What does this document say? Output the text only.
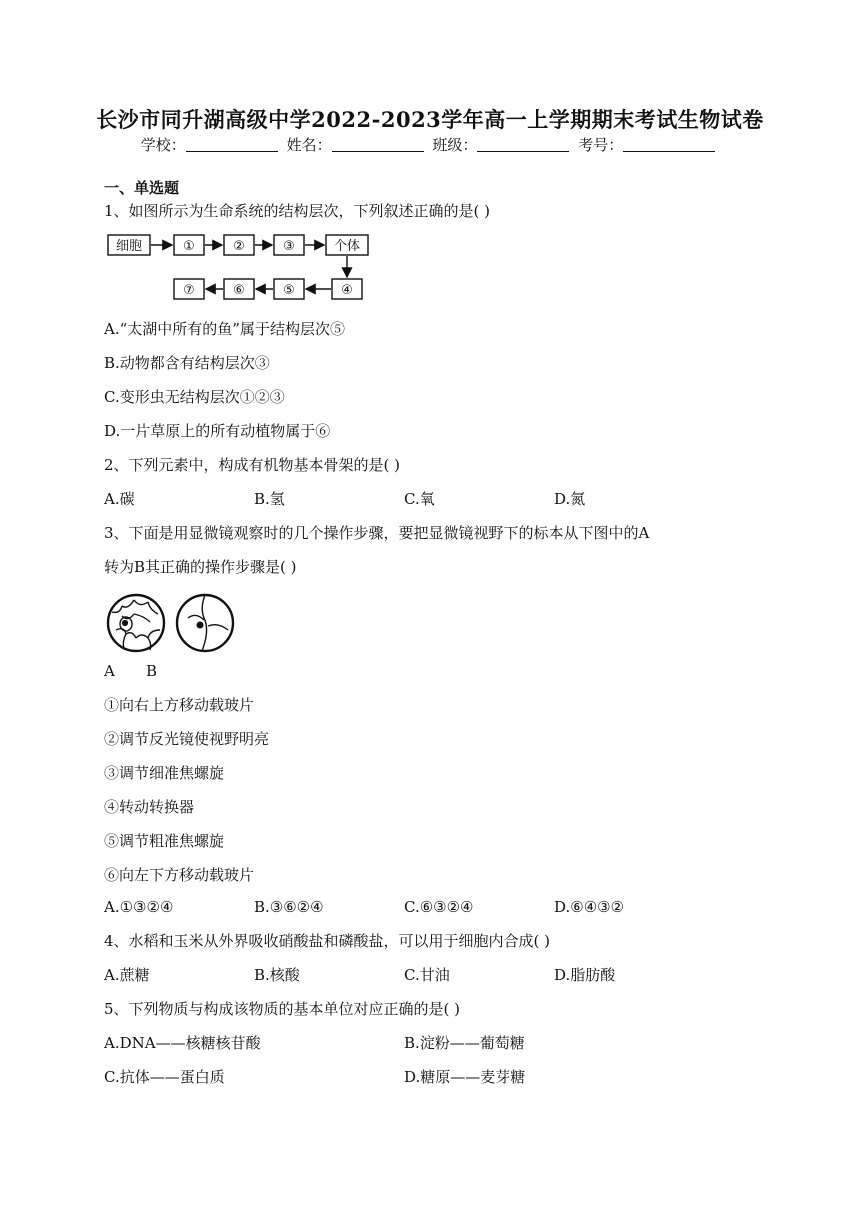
长沙市同升湖高级中学2022-2023学年高一上学期期末考试生物试卷
学校：	姓名：	班级：	考号：
一、单选题
1、如图所示为生命系统的结构层次，下列叙述正确的是( )
细胞	①	②	③	个体
⑦	⑥	⑤	④
A.“太湖中所有的鱼”属于结构层次⑤
B.动物都含有结构层次③
C.变形虫无结构层次①②③
D.一片草原上的所有动植物属于⑥
2、下列元素中，构成有机物基本骨架的是( )
A.碳	B.氢	C.氧	D.氮
3、下面是用显微镜观察时的几个操作步骤，要把显微镜视野下的标本从下图中的A
转为B其正确的操作步骤是( )
A B
①向右上方移动载玻片
②调节反光镜使视野明亮
③调节细准焦螺旋
④转动转换器
⑤调节粗准焦螺旋
⑥向左下方移动载玻片
A.①③②④	B.③⑥②④	C.⑥③②④	D.⑥④③②
4、水稻和玉米从外界吸收硝酸盐和磷酸盐，可以用于细胞内合成( )
A.蔗糖	B.核酸	C.甘油	D.脂肪酸
5、下列物质与构成该物质的基本单位对应正确的是( )
A.DNA——核糖核苷酸	B.淀粉——葡萄糖
C.抗体——蛋白质	D.糖原——麦芽糖
